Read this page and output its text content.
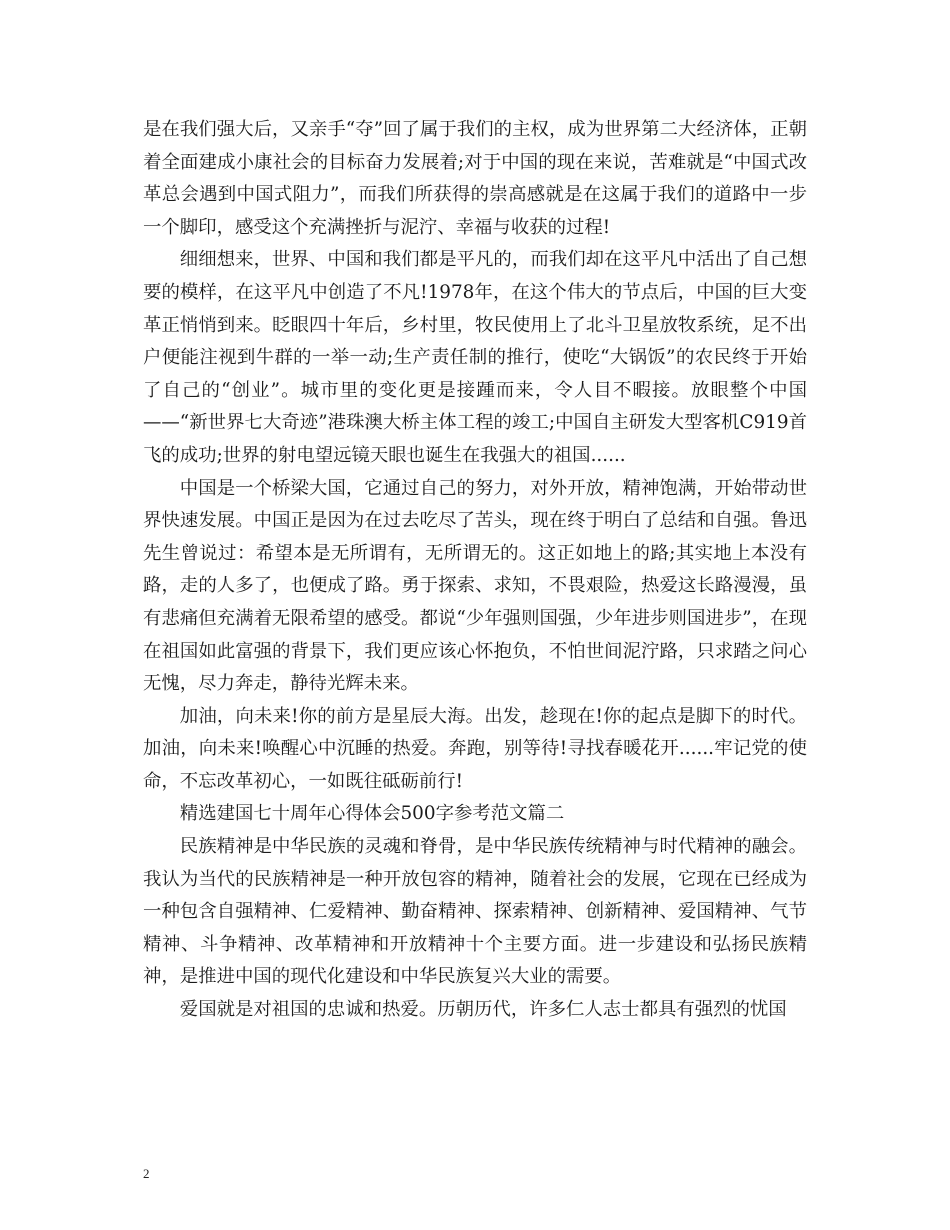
是在我们强大后，又亲手“夺”回了属于我们的主权，成为世界第二大经济体，正朝着全面建成小康社会的目标奋力发展着;对于中国的现在来说，苦难就是“中国式改革总会遇到中国式阻力”，而我们所获得的崇高感就是在这属于我们的道路中一步一个脚印，感受这个充满挫折与泥泞、幸福与收获的过程!

细细想来，世界、中国和我们都是平凡的，而我们却在这平凡中活出了自己想要的模样，在这平凡中创造了不凡!1978年，在这个伟大的节点后，中国的巨大变革正悄悄到来。眨眼四十年后，乡村里，牧民使用上了北斗卫星放牧系统，足不出户便能注视到牛群的一举一动;生产责任制的推行，使吃“大锅饭”的农民终于开始了自己的“创业”。城市里的变化更是接踵而来，令人目不暇接。放眼整个中国——“新世界七大奇迹”港珠澳大桥主体工程的竣工;中国自主研发大型客机C919首飞的成功;世界的射电望远镜天眼也诞生在我强大的祖国......

中国是一个桥梁大国，它通过自己的努力，对外开放，精神饱满，开始带动世界快速发展。中国正是因为在过去吃尽了苦头，现在终于明白了总结和自强。鲁迅先生曾说过：希望本是无所谓有，无所谓无的。这正如地上的路;其实地上本没有路，走的人多了，也便成了路。勇于探索、求知，不畏艰险，热爱这长路漫漫，虽有悲痛但充满着无限希望的感受。都说“少年强则国强，少年进步则国进步”，在现在祖国如此富强的背景下，我们更应该心怀抱负，不怕世间泥泞路，只求踏之问心无愧，尽力奔走，静待光辉未来。

加油，向未来!你的前方是星辰大海。出发，趁现在!你的起点是脚下的时代。加油，向未来!唤醒心中沉睡的热爱。奔跑，别等待!寻找春暖花开......牢记党的使命，不忘改革初心，一如既往砥砺前行!

精选建国七十周年心得体会500字参考范文篇二

民族精神是中华民族的灵魂和脊骨，是中华民族传统精神与时代精神的融会。我认为当代的民族精神是一种开放包容的精神，随着社会的发展，它现在已经成为一种包含自强精神、仁爱精神、勤奋精神、探索精神、创新精神、爱国精神、气节精神、斗争精神、改革精神和开放精神十个主要方面。进一步建设和弘扬民族精神，是推进中国的现代化建设和中华民族复兴大业的需要。

爱国就是对祖国的忠诚和热爱。历朝历代，许多仁人志士都具有强烈的忧国

2
